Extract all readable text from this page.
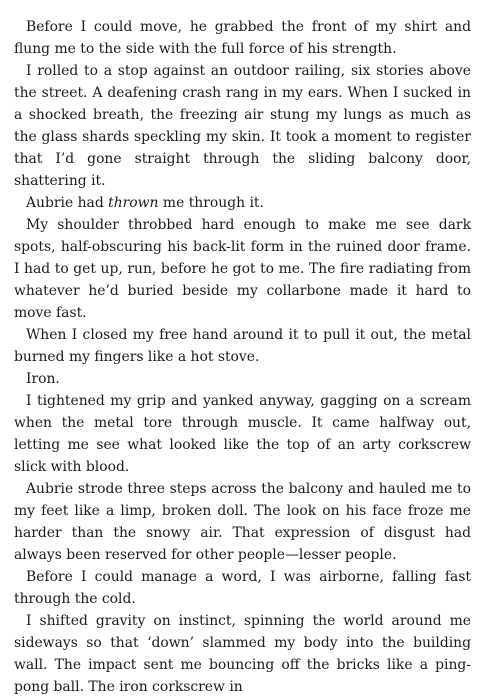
Before I could move, he grabbed the front of my shirt and flung me to the side with the full force of his strength.

I rolled to a stop against an outdoor railing, six stories above the street. A deafening crash rang in my ears. When I sucked in a shocked breath, the freezing air stung my lungs as much as the glass shards speckling my skin. It took a moment to register that I’d gone straight through the sliding balcony door, shattering it.

Aubrie had thrown me through it.

My shoulder throbbed hard enough to make me see dark spots, half-obscuring his back-lit form in the ruined door frame. I had to get up, run, before he got to me. The fire radiating from whatever he’d buried beside my collarbone made it hard to move fast.

When I closed my free hand around it to pull it out, the metal burned my fingers like a hot stove.

Iron.

I tightened my grip and yanked anyway, gagging on a scream when the metal tore through muscle. It came halfway out, letting me see what looked like the top of an arty corkscrew slick with blood.

Aubrie strode three steps across the balcony and hauled me to my feet like a limp, broken doll. The look on his face froze me harder than the snowy air. That expression of disgust had always been reserved for other people—lesser people.

Before I could manage a word, I was airborne, falling fast through the cold.

I shifted gravity on instinct, spinning the world around me sideways so that ‘down’ slammed my body into the building wall. The impact sent me bouncing off the bricks like a ping-pong ball. The iron corkscrew in
